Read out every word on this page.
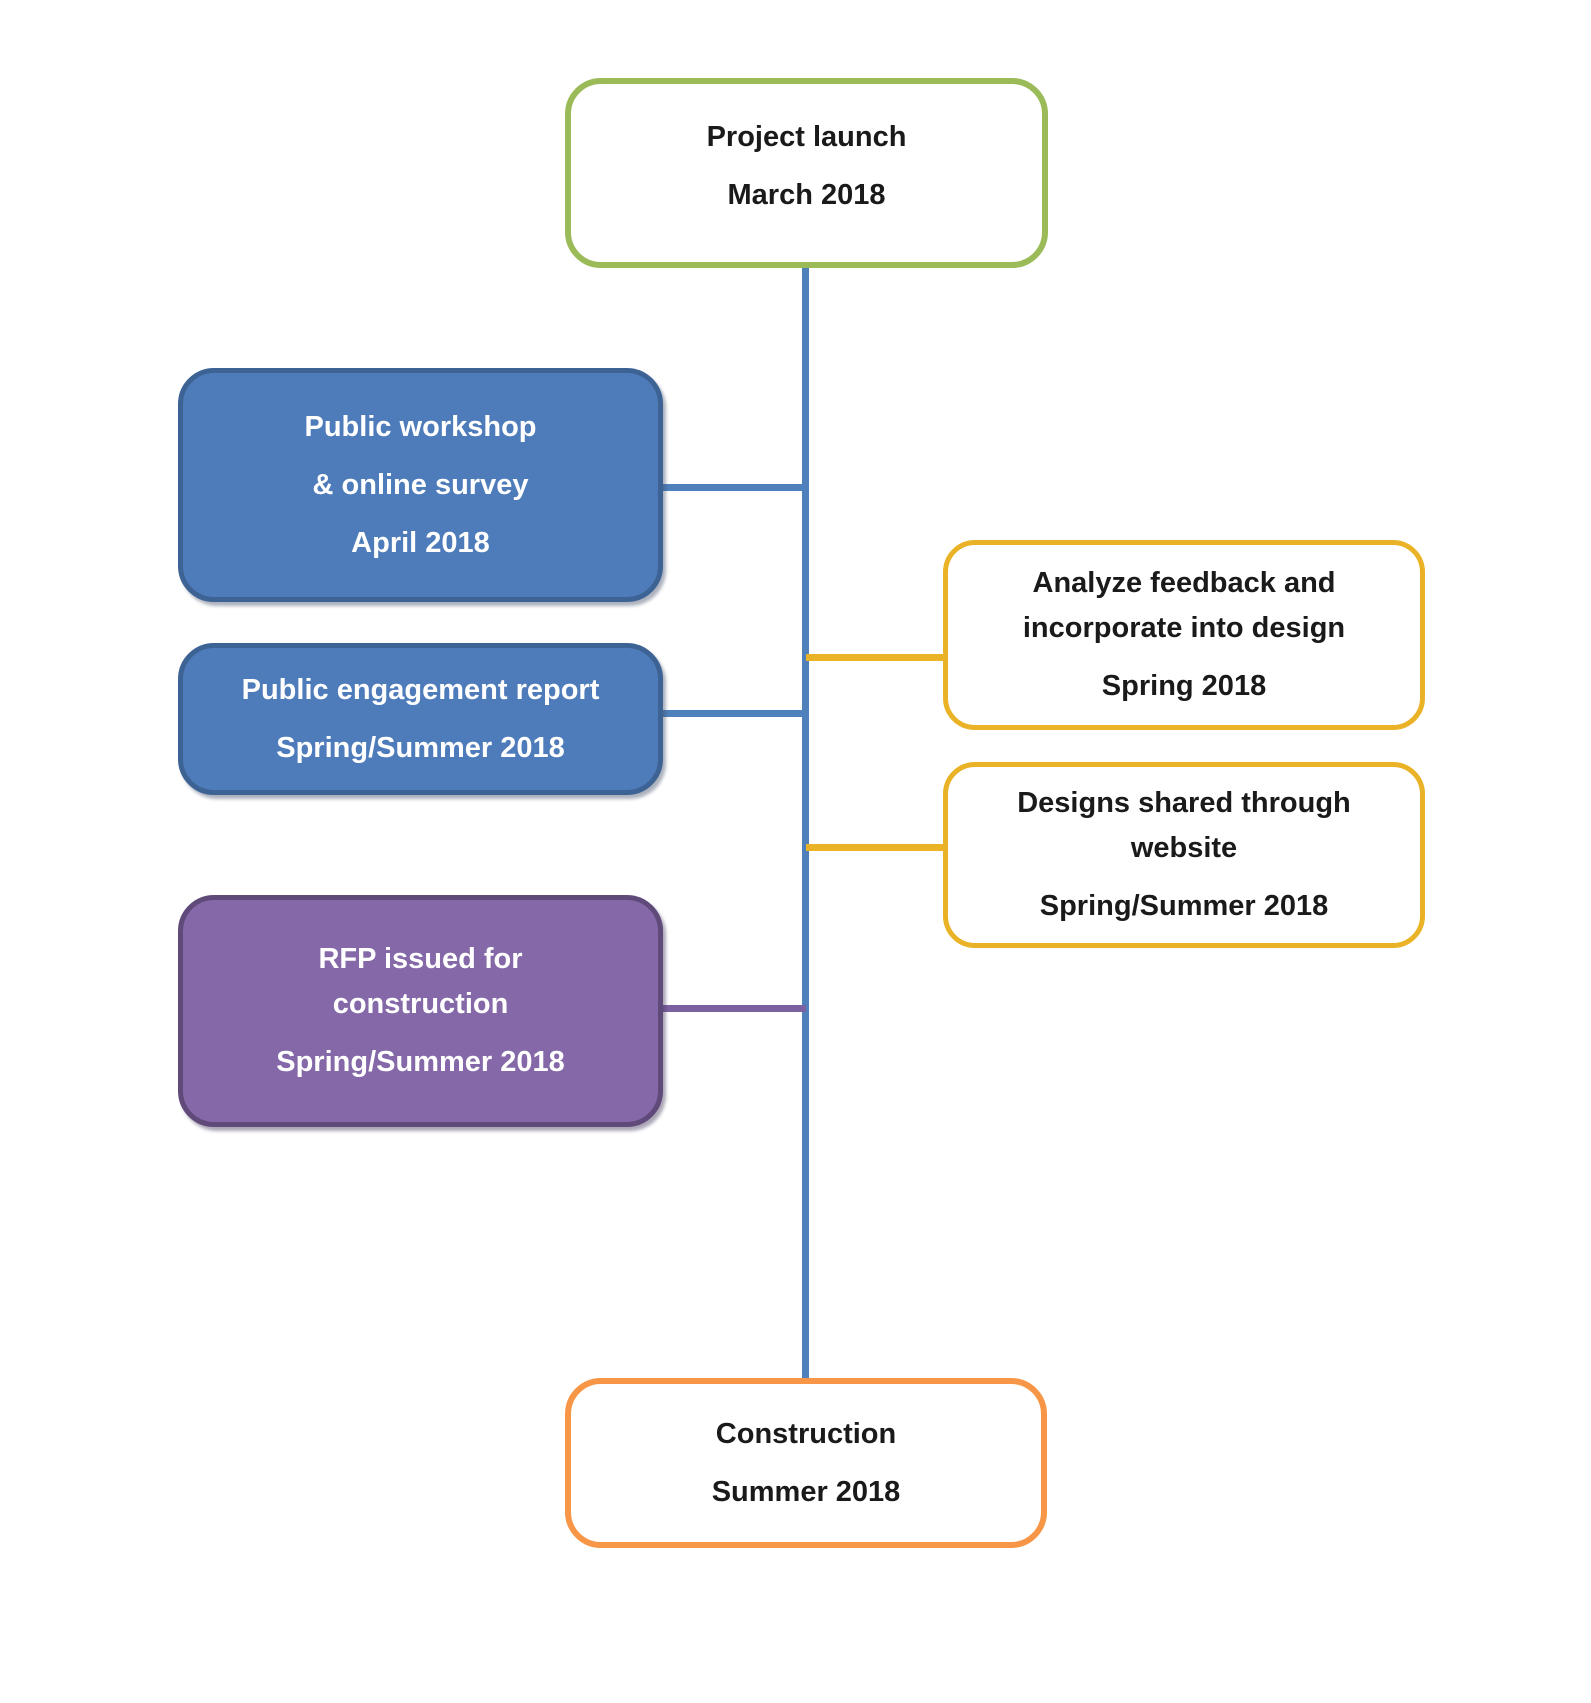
Project launch
March 2018
Public workshop
& online survey
April 2018
Public engagement report
Spring/Summer 2018
Analyze feedback and
incorporate into design
Spring 2018
Designs shared through
website
Spring/Summer 2018
RFP issued for
construction
Spring/Summer 2018
Construction
Summer 2018
